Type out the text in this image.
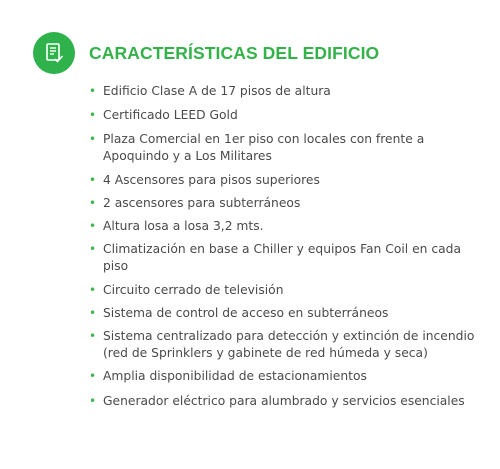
CARACTERÍSTICAS DEL EDIFICIO
• Edificio Clase A de 17 pisos de altura
• Certificado LEED Gold
• Plaza Comercial en 1er piso con locales con frente a Apoquindo y a Los Militares
• 4 Ascensores para pisos superiores
• 2 ascensores para subterráneos
• Altura losa a losa 3,2 mts.
• Climatización en base a Chiller y equipos Fan Coil en cada piso
• Circuito cerrado de televisión
• Sistema de control de acceso en subterráneos
• Sistema centralizado para detección y extinción de incendio (red de Sprinklers y gabinete de red húmeda y seca)
• Amplia disponibilidad de estacionamientos
• Generador eléctrico para alumbrado y servicios esenciales
